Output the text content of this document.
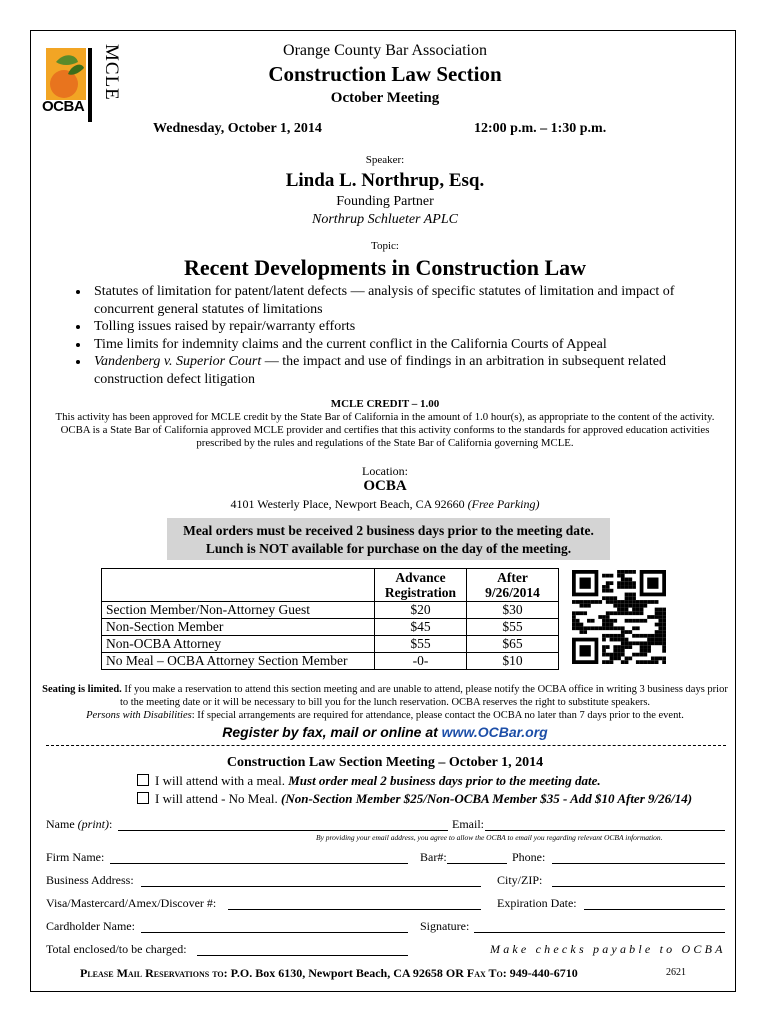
OCBA
MCLE	Orange County Bar Association
Construction Law Section
October Meeting
Wednesday, October 1, 2014	12:00 p.m. – 1:30 p.m.
Speaker:
Linda L. Northrup, Esq.
Founding Partner
Northrup Schlueter APLC
Topic:
Recent Developments in Construction Law
• Statutes of limitation for patent/latent defects — analysis of specific statutes of limitation and impact of concurrent general statutes of limitations
• Tolling issues raised by repair/warranty efforts
• Time limits for indemnity claims and the current conflict in the California Courts of Appeal
• Vandenberg v. Superior Court — the impact and use of findings in an arbitration in subsequent related construction defect litigation
MCLE CREDIT – 1.00
This activity has been approved for MCLE credit by the State Bar of California in the amount of 1.0 hour(s), as appropriate to the content of the activity. OCBA is a State Bar of California approved MCLE provider and certifies that this activity conforms to the standards for approved education activities prescribed by the rules and regulations of the State Bar of California governing MCLE.
Location:
OCBA
4101 Westerly Place, Newport Beach, CA 92660 (Free Parking)
Meal orders must be received 2 business days prior to the meeting date.
Lunch is NOT available for purchase on the day of the meeting.
	Advance Registration	After 9/26/2014
Section Member/Non-Attorney Guest	$20	$30
Non-Section Member	$45	$55
Non-OCBA Attorney	$55	$65
No Meal – OCBA Attorney Section Member	-0-	$10
Seating is limited. If you make a reservation to attend this section meeting and are unable to attend, please notify the OCBA office in writing 3 business days prior to the meeting date or it will be necessary to bill you for the lunch reservation. OCBA reserves the right to substitute speakers.
Persons with Disabilities: If special arrangements are required for attendance, please contact the OCBA no later than 7 days prior to the event.
Register by fax, mail or online at www.OCBar.org
Construction Law Section Meeting – October 1, 2014
I will attend with a meal. Must order meal 2 business days prior to the meeting date.
I will attend - No Meal. (Non-Section Member $25/Non-OCBA Member $35 - Add $10 After 9/26/14)
Name (print):	Email:
By providing your email address, you agree to allow the OCBA to email you regarding relevant OCBA information.
Firm Name:	Bar#:	Phone:
Business Address:	City/ZIP:
Visa/Mastercard/Amex/Discover #:	Expiration Date:
Cardholder Name:	Signature:
Total enclosed/to be charged:	Make checks payable to OCBA
Please Mail Reservations to: P.O. Box 6130, Newport Beach, CA 92658 OR Fax To: 949-440-6710	2621
